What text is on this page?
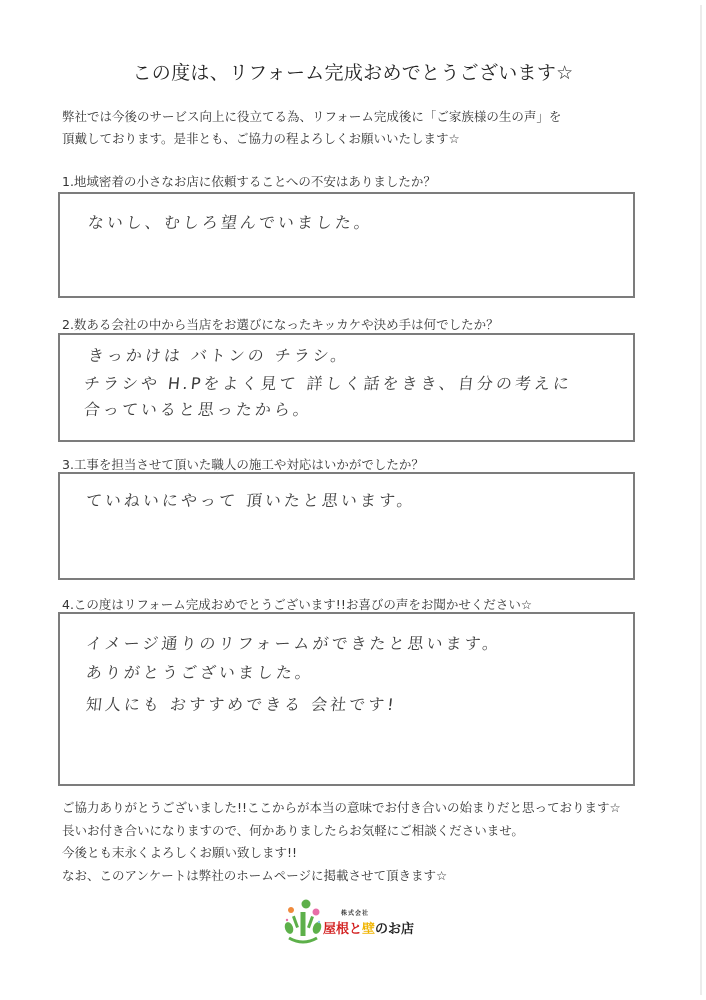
この度は、リフォーム完成おめでとうございます☆
弊社では今後のサービス向上に役立てる為、リフォーム完成後に「ご家族様の生の声」を
頂戴しております。是非とも、ご協力の程よろしくお願いいたします☆
1.地域密着の小さなお店に依頼することへの不安はありましたか？
ないし、むしろ望んでいました。
2.数ある会社の中から当店をお選びになったキッカケや決め手は何でしたか？
きっかけは バトンの チラシ。
チラシや H.Pをよく見て 詳しく話をきき、自分の考えに
合っていると思ったから。
3.工事を担当させて頂いた職人の施工や対応はいかがでしたか？
ていねいにやって 頂いたと思います。
4.この度はリフォーム完成おめでとうございます!!お喜びの声をお聞かせください☆
イメージ通りのリフォームができたと思います。
ありがとうございました。
知人にも おすすめできる 会社です!
ご協力ありがとうございました!!ここからが本当の意味でお付き合いの始まりだと思っております☆
長いお付き合いになりますので、何かありましたらお気軽にご相談くださいませ。
今後とも末永くよろしくお願い致します!!
なお、このアンケートは弊社のホームページに掲載させて頂きます☆
株式会社
屋根と壁のお店
